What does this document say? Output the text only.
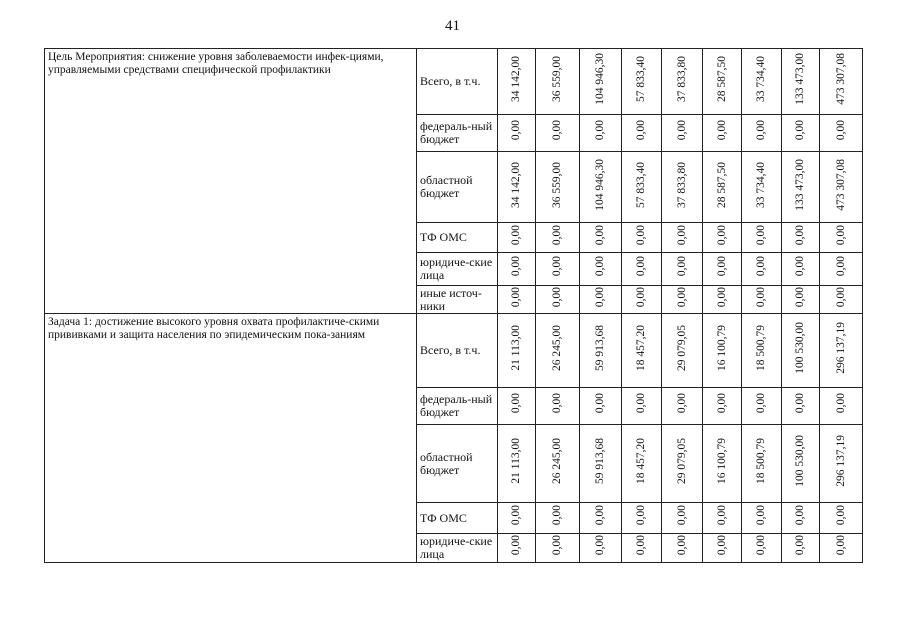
41
Цель Мероприятия: снижение уровня заболеваемости инфек-циями, управляемыми средствами специфической профилактики	Всего, в т.ч.	34 142,00	36 559,00	104 946,30	57 833,40	37 833,80	28 587,50	33 734,40	133 473,00	473 307,08
	федераль-ный бюджет	0,00	0,00	0,00	0,00	0,00	0,00	0,00	0,00	0,00
	областной бюджет	34 142,00	36 559,00	104 946,30	57 833,40	37 833,80	28 587,50	33 734,40	133 473,00	473 307,08
	ТФ ОМС	0,00	0,00	0,00	0,00	0,00	0,00	0,00	0,00	0,00
	юридиче-ские лица	0,00	0,00	0,00	0,00	0,00	0,00	0,00	0,00	0,00
	иные источ-ники	0,00	0,00	0,00	0,00	0,00	0,00	0,00	0,00	0,00
Задача 1: достижение высокого уровня охвата профилактиче-скими прививками и защита населения по эпидемическим пока-заниям	Всего, в т.ч.	21 113,00	26 245,00	59 913,68	18 457,20	29 079,05	16 100,79	18 500,79	100 530,00	296 137,19
	федераль-ный бюджет	0,00	0,00	0,00	0,00	0,00	0,00	0,00	0,00	0,00
	областной бюджет	21 113,00	26 245,00	59 913,68	18 457,20	29 079,05	16 100,79	18 500,79	100 530,00	296 137,19
	ТФ ОМС	0,00	0,00	0,00	0,00	0,00	0,00	0,00	0,00	0,00
	юридиче-ские лица	0,00	0,00	0,00	0,00	0,00	0,00	0,00	0,00	0,00
